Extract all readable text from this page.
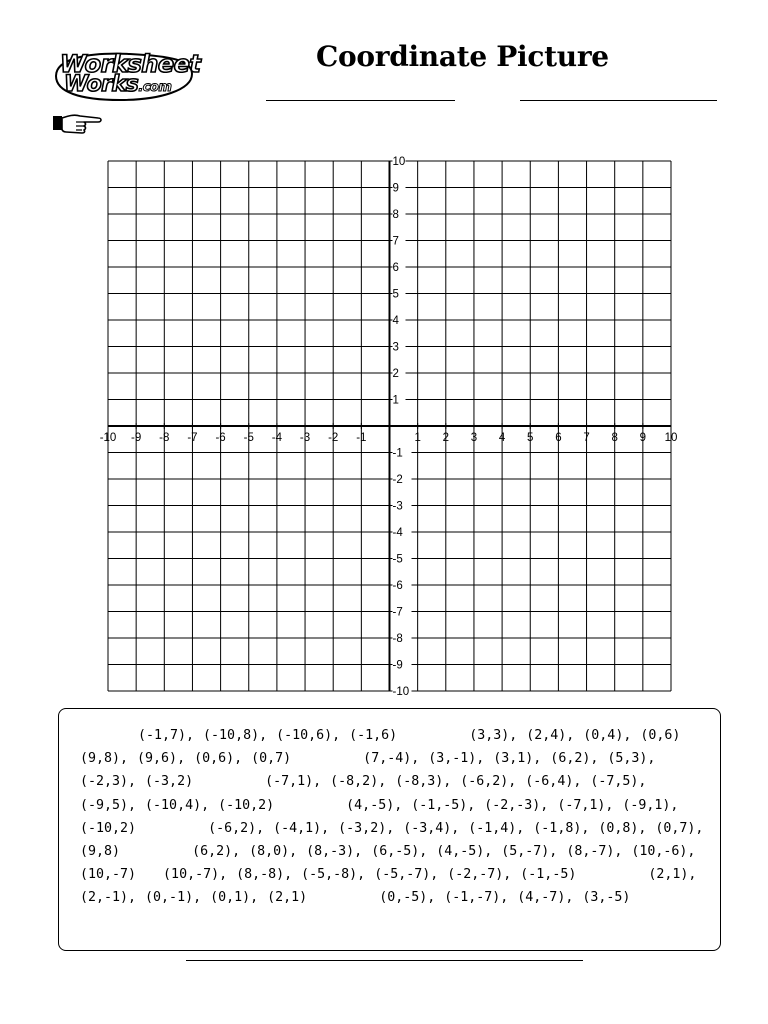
Worksheet
Works.com
Coordinate Picture
-10 -9 -8 -7 -6 -5 -4 -3 -2 -1	1 2 3 4 5 6 7 8 9 10
10
9
8
7
6
5
4
3
2
1
-1
-2
-3
-4
-5
-6
-7
-8
-9
-10
(-1,7), (-10,8), (-10,6), (-1,6)        (3,3), (2,4), (0,4), (0,6)        (9,8), (9,6), (0,6), (0,7)        (7,-4), (3,-1), (3,1), (6,2), (5,3), (-2,3), (-3,2)        (-7,1), (-8,2), (-8,3), (-6,2), (-6,4), (-7,5), (-9,5), (-10,4), (-10,2)        (4,-5), (-1,-5), (-2,-3), (-7,1), (-9,1), (-10,2)        (-6,2), (-4,1), (-3,2), (-3,4), (-1,4), (-1,8), (0,8), (0,7), (9,8)        (6,2), (8,0), (8,-3), (6,-5), (4,-5), (5,-7), (8,-7), (10,-6), (10,-7)   (10,-7), (8,-8), (-5,-8), (-5,-7), (-2,-7), (-1,-5)        (2,1), (2,-1), (0,-1), (0,1), (2,1)        (0,-5), (-1,-7), (4,-7), (3,-5)
